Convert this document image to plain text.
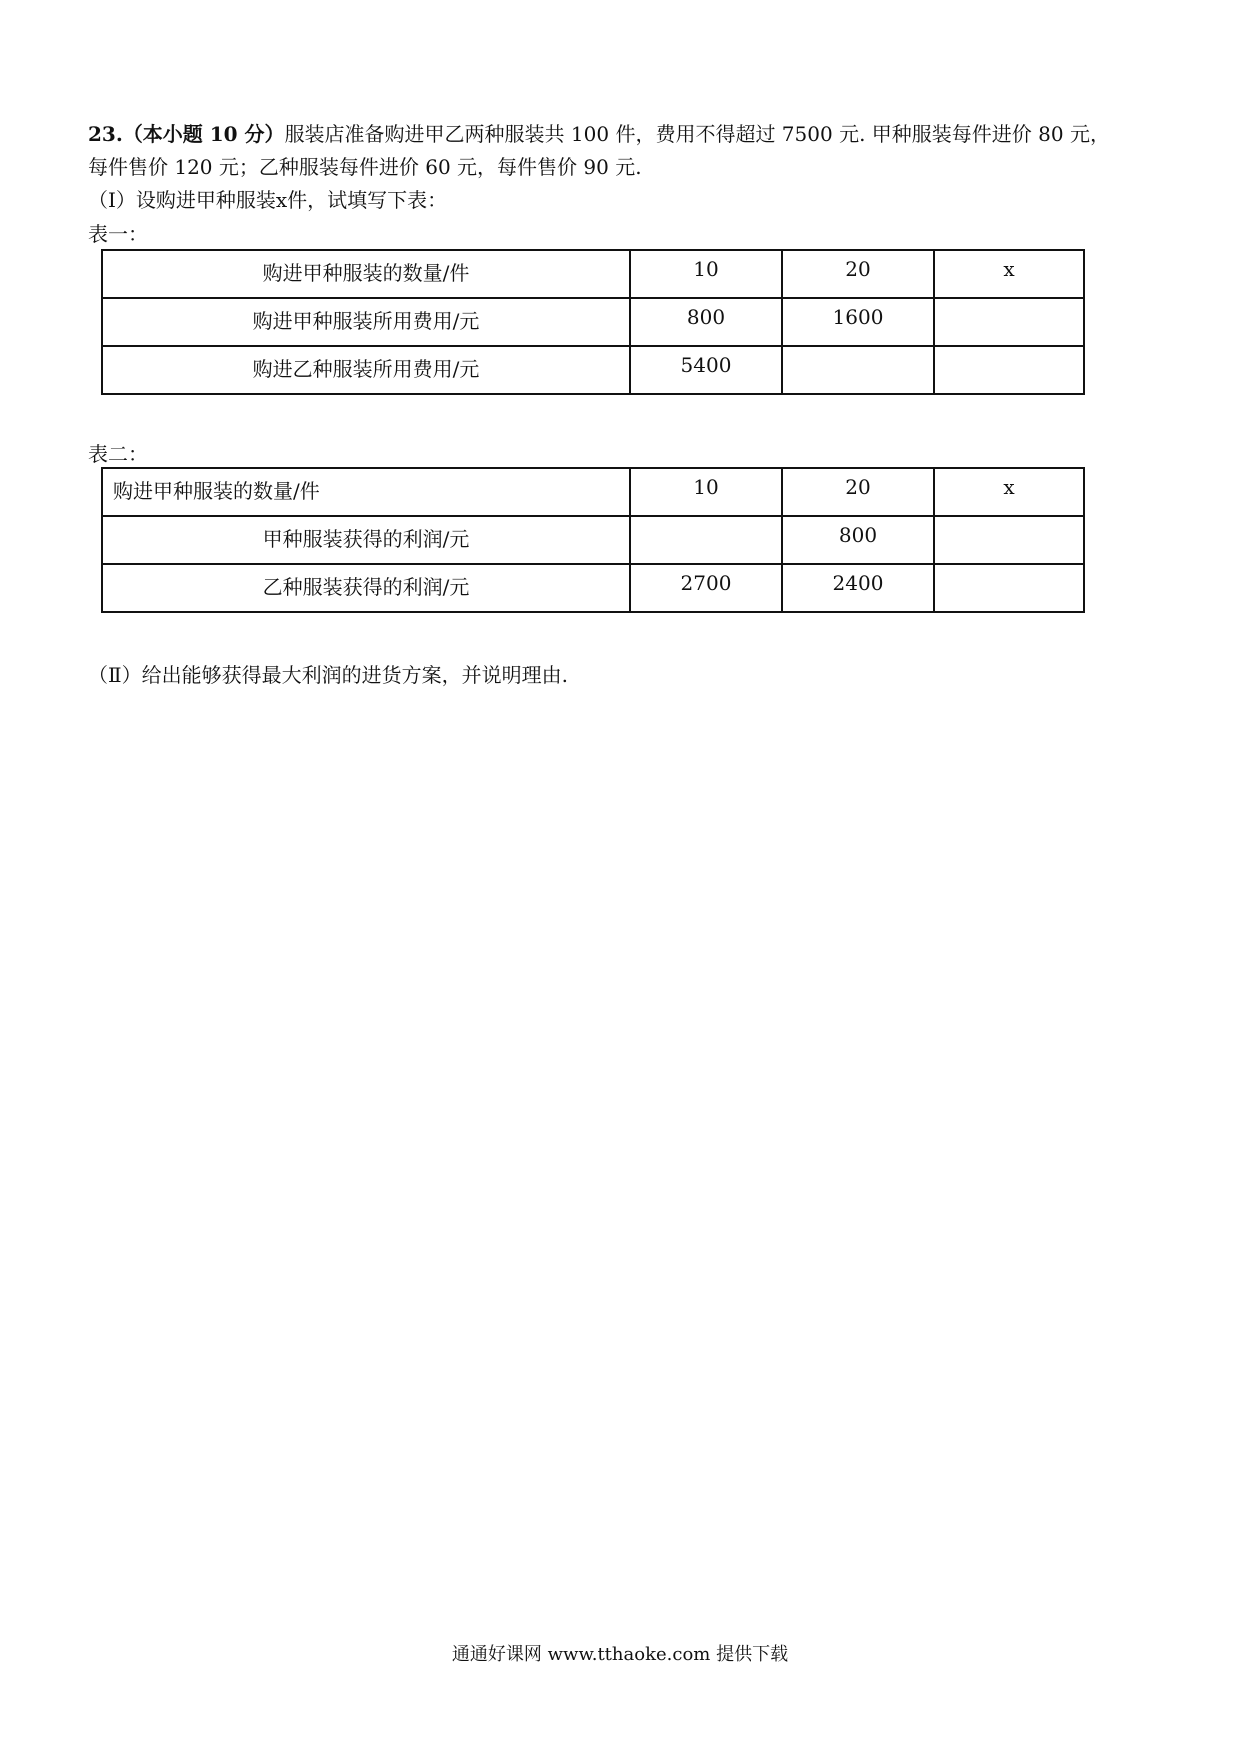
23.（本小题 10 分）服装店准备购进甲乙两种服装共 100 件，费用不得超过 7500 元. 甲种服装每件进价 80 元，
每件售价 120 元；乙种服装每件进价 60 元，每件售价 90 元.
（Ⅰ）设购进甲种服装x件，试填写下表：
表一：
购进甲种服装的数量/件	10	20	x
购进甲种服装所用费用/元	800	1600	
购进乙种服装所用费用/元	5400		
表二：
购进甲种服装的数量/件	10	20	x
甲种服装获得的利润/元		800	
乙种服装获得的利润/元	2700	2400	
（Ⅱ）给出能够获得最大利润的进货方案，并说明理由.
通通好课网 www.tthaoke.com 提供下载
